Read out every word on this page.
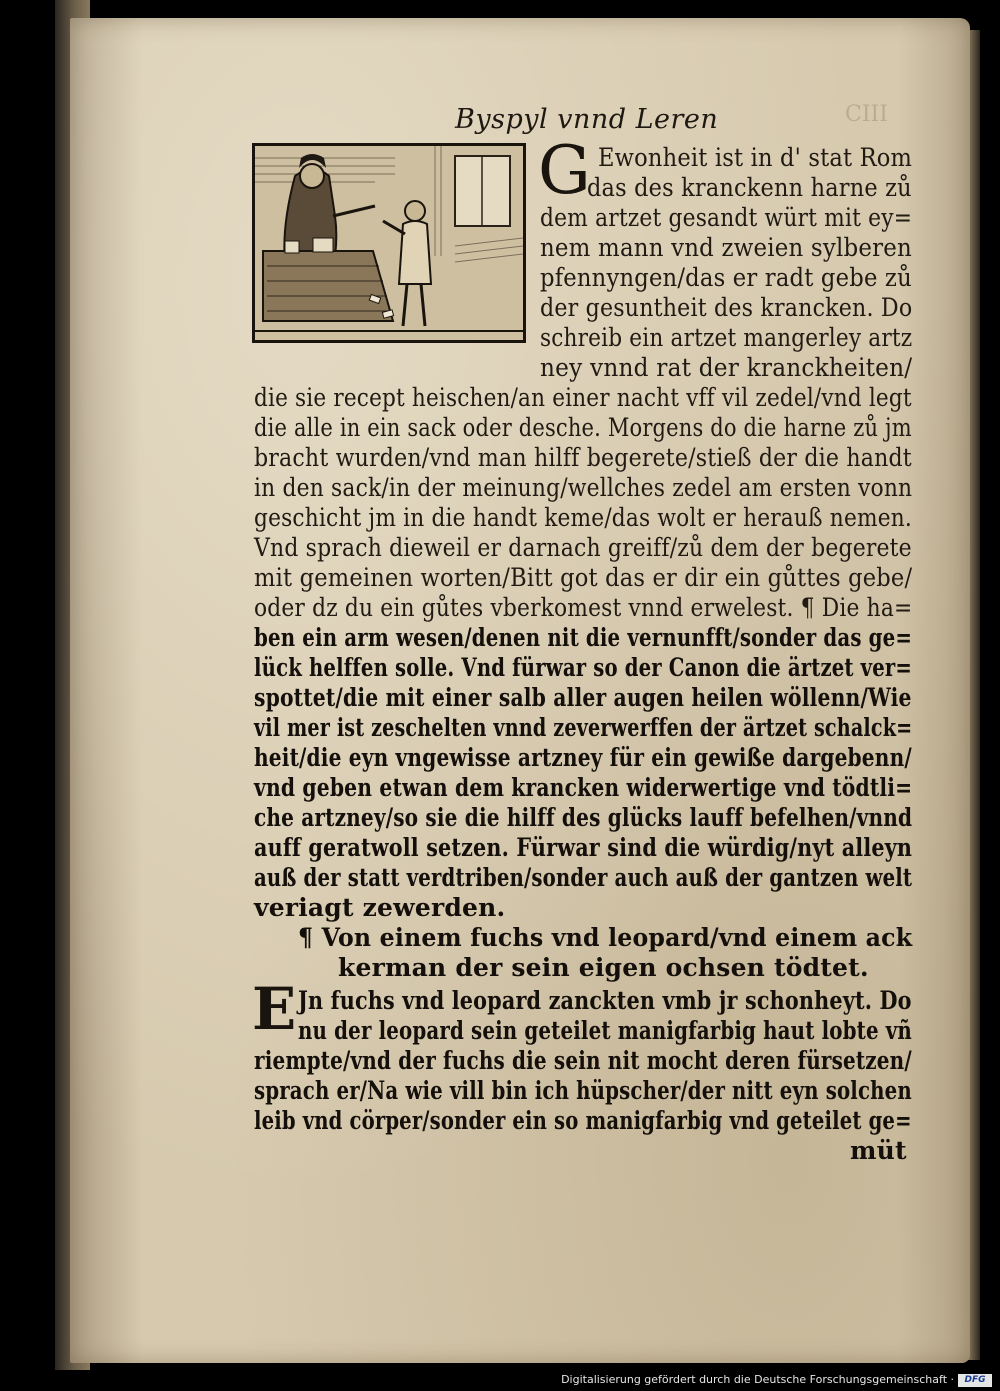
CIII
Byspyl vnnd Leren
G Ewonheit ist in d' stat Rom
das des kranckenn harne zů
dem artzet gesandt würt mit ey=
nem mann vnd zweien sylberen
pfennyngen/das er radt gebe zů
der gesuntheit des krancken. Do
schreib ein artzet mangerley artz
ney vnnd rat der kranckheiten/
die sie recept heischen/an einer nacht vff vil zedel/vnd legt
die alle in ein sack oder desche. Morgens do die harne zů jm
bracht wurden/vnd man hilff begerete/stieß der die handt
in den sack/in der meinung/wellches zedel am ersten vonn
geschicht jm in die handt keme/das wolt er herauß nemen.
Vnd sprach dieweil er darnach greiff/zů dem der begerete
mit gemeinen worten/Bitt got das er dir ein gůttes gebe/
oder dz du ein gůtes vberkomest vnnd erwelest. ¶ Die ha=
ben ein arm wesen/denen nit die vernunfft/sonder das ge=
lück helffen solle. Vnd fürwar so der Canon die ärtzet ver=
spottet/die mit einer salb aller augen heilen wöllenn/Wie
vil mer ist zeschelten vnnd zeverwerffen der ärtzet schalck=
heit/die eyn vngewisse artzney für ein gewiße dargebenn/
vnd geben etwan dem krancken widerwertige vnd tödtli=
che artzney/so sie die hilff des glücks lauff befelhen/vnnd
auff geratwoll setzen. Fürwar sind die würdig/nyt alleyn
auß der statt verdtriben/sonder auch auß der gantzen welt
veriagt zewerden.
¶ Von einem fuchs vnd leopard/vnd einem ack
kerman der sein eigen ochsen tödtet.
E Jn fuchs vnd leopard zanckten vmb jr schonheyt. Do
nu der leopard sein geteilet manigfarbig haut lobte vñ
riempte/vnd der fuchs die sein nit mocht deren fürsetzen/
sprach er/Na wie vill bin ich hüpscher/der nitt eyn solchen
leib vnd cörper/sonder ein so manigfarbig vnd geteilet ge=
müt
Digitalisierung gefördert durch die Deutsche Forschungsgemeinschaft ·	DFG
